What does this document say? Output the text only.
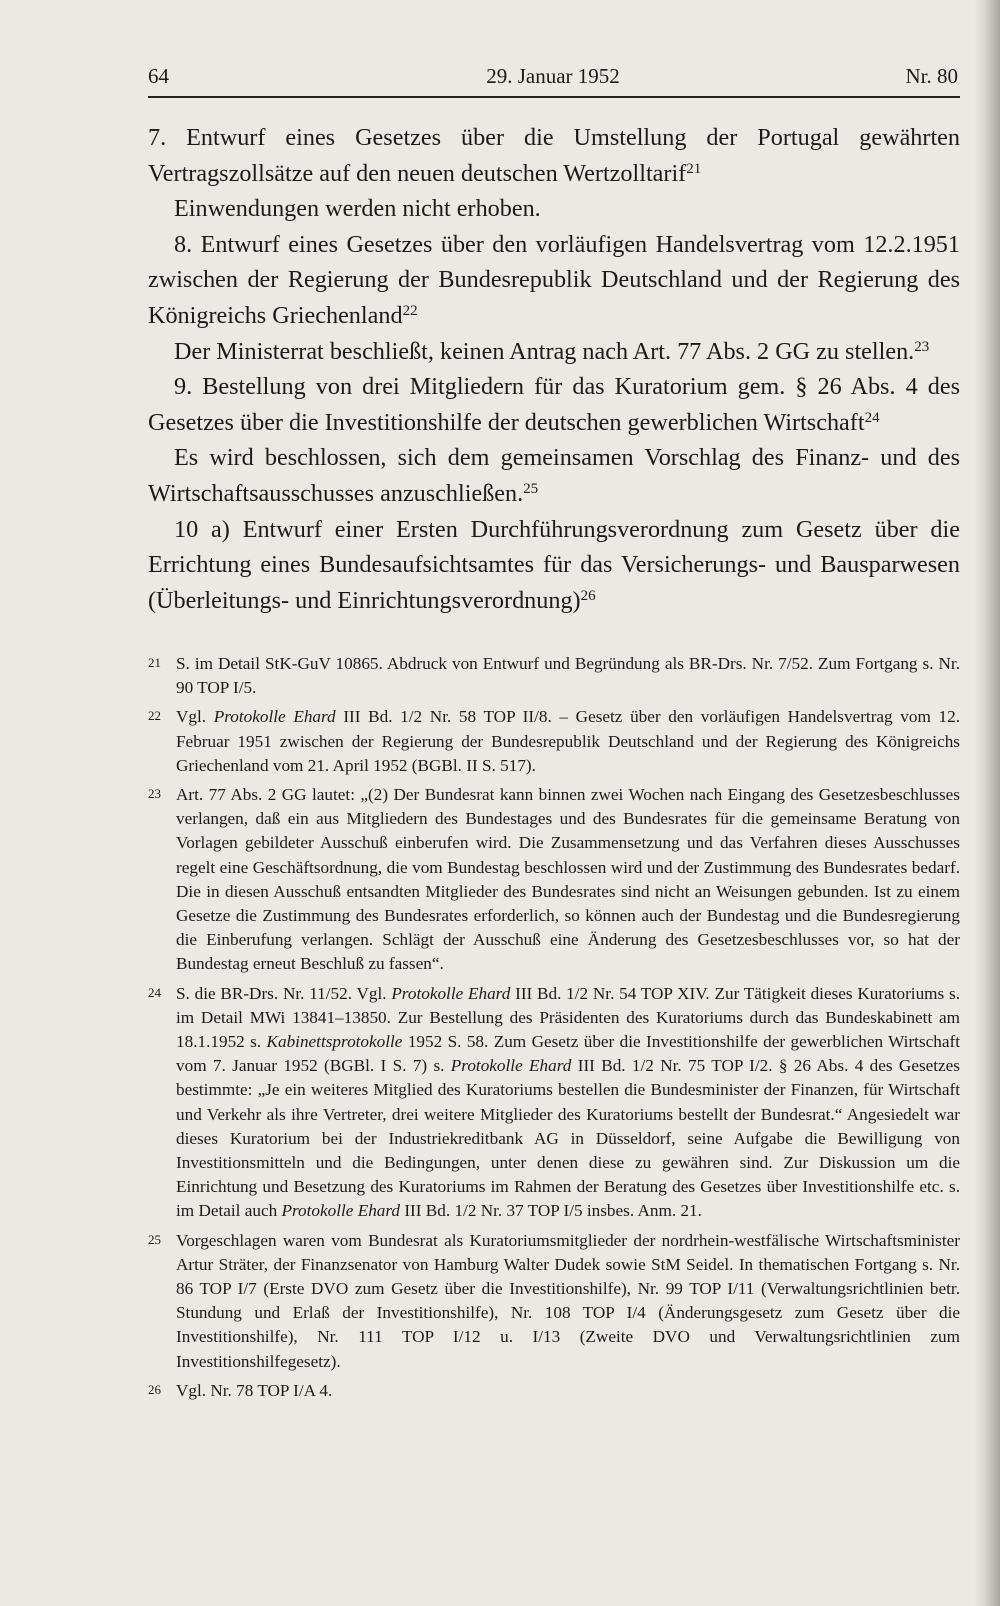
64	29. Januar 1952	Nr. 80

7. Entwurf eines Gesetzes über die Umstellung der Portugal gewährten Vertragszollsätze auf den neuen deutschen Wertzolltarif$^{21}$

Einwendungen werden nicht erhoben.

8. Entwurf eines Gesetzes über den vorläufigen Handelsvertrag vom 12.2.1951 zwischen der Regierung der Bundesrepublik Deutschland und der Regierung des Königreichs Griechenland$^{22}$

Der Ministerrat beschließt, keinen Antrag nach Art. 77 Abs. 2 GG zu stellen.$^{23}$

9. Bestellung von drei Mitgliedern für das Kuratorium gem. § 26 Abs. 4 des Gesetzes über die Investitionshilfe der deutschen gewerblichen Wirtschaft$^{24}$

Es wird beschlossen, sich dem gemeinsamen Vorschlag des Finanz- und des Wirtschaftsausschusses anzuschließen.$^{25}$

10 a) Entwurf einer Ersten Durchführungsverordnung zum Gesetz über die Errichtung eines Bundesaufsichtsamtes für das Versicherungs- und Bausparwesen (Überleitungs- und Einrichtungsverordnung)$^{26}$

21 S. im Detail StK-GuV 10865. Abdruck von Entwurf und Begründung als BR-Drs. Nr. 7/52. Zum Fortgang s. Nr. 90 TOP I/5.

22 Vgl. Protokolle Ehard III Bd. 1/2 Nr. 58 TOP II/8. – Gesetz über den vorläufigen Handelsvertrag vom 12. Februar 1951 zwischen der Regierung der Bundesrepublik Deutschland und der Regierung des Königreichs Griechenland vom 21. April 1952 (BGBl. II S. 517).

23 Art. 77 Abs. 2 GG lautet: „(2) Der Bundesrat kann binnen zwei Wochen nach Eingang des Gesetzesbeschlusses verlangen, daß ein aus Mitgliedern des Bundestages und des Bundesrates für die gemeinsame Beratung von Vorlagen gebildeter Ausschuß einberufen wird. Die Zusammensetzung und das Verfahren dieses Ausschusses regelt eine Geschäftsordnung, die vom Bundestag beschlossen wird und der Zustimmung des Bundesrates bedarf. Die in diesen Ausschuß entsandten Mitglieder des Bundesrates sind nicht an Weisungen gebunden. Ist zu einem Gesetze die Zustimmung des Bundesrates erforderlich, so können auch der Bundestag und die Bundesregierung die Einberufung verlangen. Schlägt der Ausschuß eine Änderung des Gesetzesbeschlusses vor, so hat der Bundestag erneut Beschluß zu fassen“.

24 S. die BR-Drs. Nr. 11/52. Vgl. Protokolle Ehard III Bd. 1/2 Nr. 54 TOP XIV. Zur Tätigkeit dieses Kuratoriums s. im Detail MWi 13841–13850. Zur Bestellung des Präsidenten des Kuratoriums durch das Bundeskabinett am 18.1.1952 s. Kabinettsprotokolle 1952 S. 58. Zum Gesetz über die Investitionshilfe der gewerblichen Wirtschaft vom 7. Januar 1952 (BGBl. I S. 7) s. Protokolle Ehard III Bd. 1/2 Nr. 75 TOP I/2. § 26 Abs. 4 des Gesetzes bestimmte: „Je ein weiteres Mitglied des Kuratoriums bestellen die Bundesminister der Finanzen, für Wirtschaft und Verkehr als ihre Vertreter, drei weitere Mitglieder des Kuratoriums bestellt der Bundesrat.“ Angesiedelt war dieses Kuratorium bei der Industriekreditbank AG in Düsseldorf, seine Aufgabe die Bewilligung von Investitionsmitteln und die Bedingungen, unter denen diese zu gewähren sind. Zur Diskussion um die Einrichtung und Besetzung des Kuratoriums im Rahmen der Beratung des Gesetzes über Investitionshilfe etc. s. im Detail auch Protokolle Ehard III Bd. 1/2 Nr. 37 TOP I/5 insbes. Anm. 21.

25 Vorgeschlagen waren vom Bundesrat als Kuratoriumsmitglieder der nordrhein-westfälische Wirtschaftsminister Artur Sträter, der Finanzsenator von Hamburg Walter Dudek sowie StM Seidel. In thematischen Fortgang s. Nr. 86 TOP I/7 (Erste DVO zum Gesetz über die Investitionshilfe), Nr. 99 TOP I/11 (Verwaltungsrichtlinien betr. Stundung und Erlaß der Investitionshilfe), Nr. 108 TOP I/4 (Änderungsgesetz zum Gesetz über die Investitionshilfe), Nr. 111 TOP I/12 u. I/13 (Zweite DVO und Verwaltungsrichtlinien zum Investitionshilfegesetz).

26 Vgl. Nr. 78 TOP I/A 4.
